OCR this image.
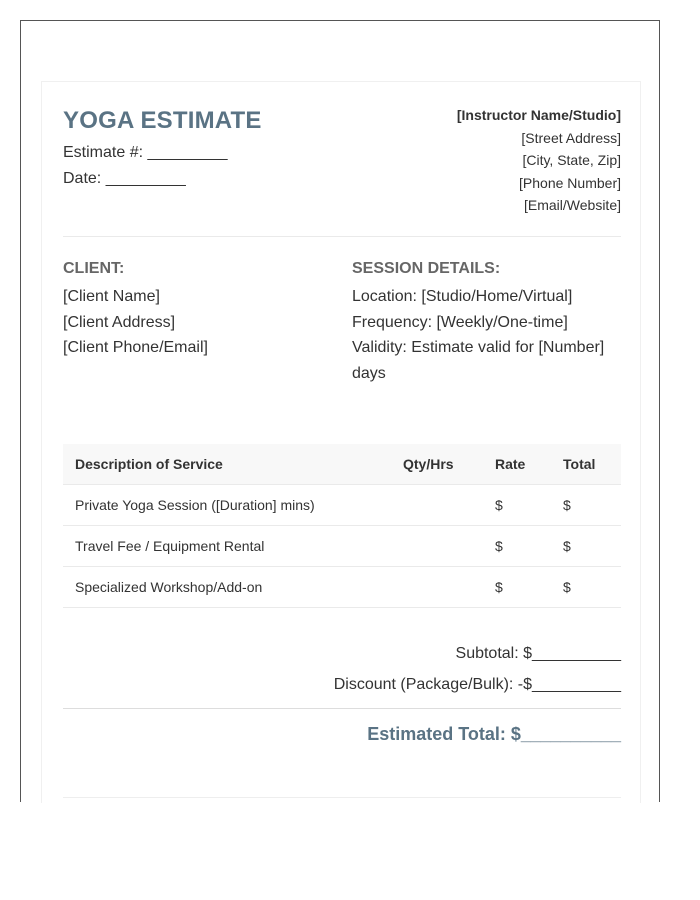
YOGA ESTIMATE
Estimate #: _________
Date: _________
[Instructor Name/Studio]
[Street Address]
[City, State, Zip]
[Phone Number]
[Email/Website]
CLIENT:
[Client Name]
[Client Address]
[Client Phone/Email]
SESSION DETAILS:
Location: [Studio/Home/Virtual]
Frequency: [Weekly/One-time]
Validity: Estimate valid for [Number] days
Description of Service	Qty/Hrs	Rate	Total
Private Yoga Session ([Duration] mins)		$	$
Travel Fee / Equipment Rental		$	$
Specialized Workshop/Add-on		$	$
Subtotal: $__________
Discount (Package/Bulk): -$__________
Estimated Total: $__________
